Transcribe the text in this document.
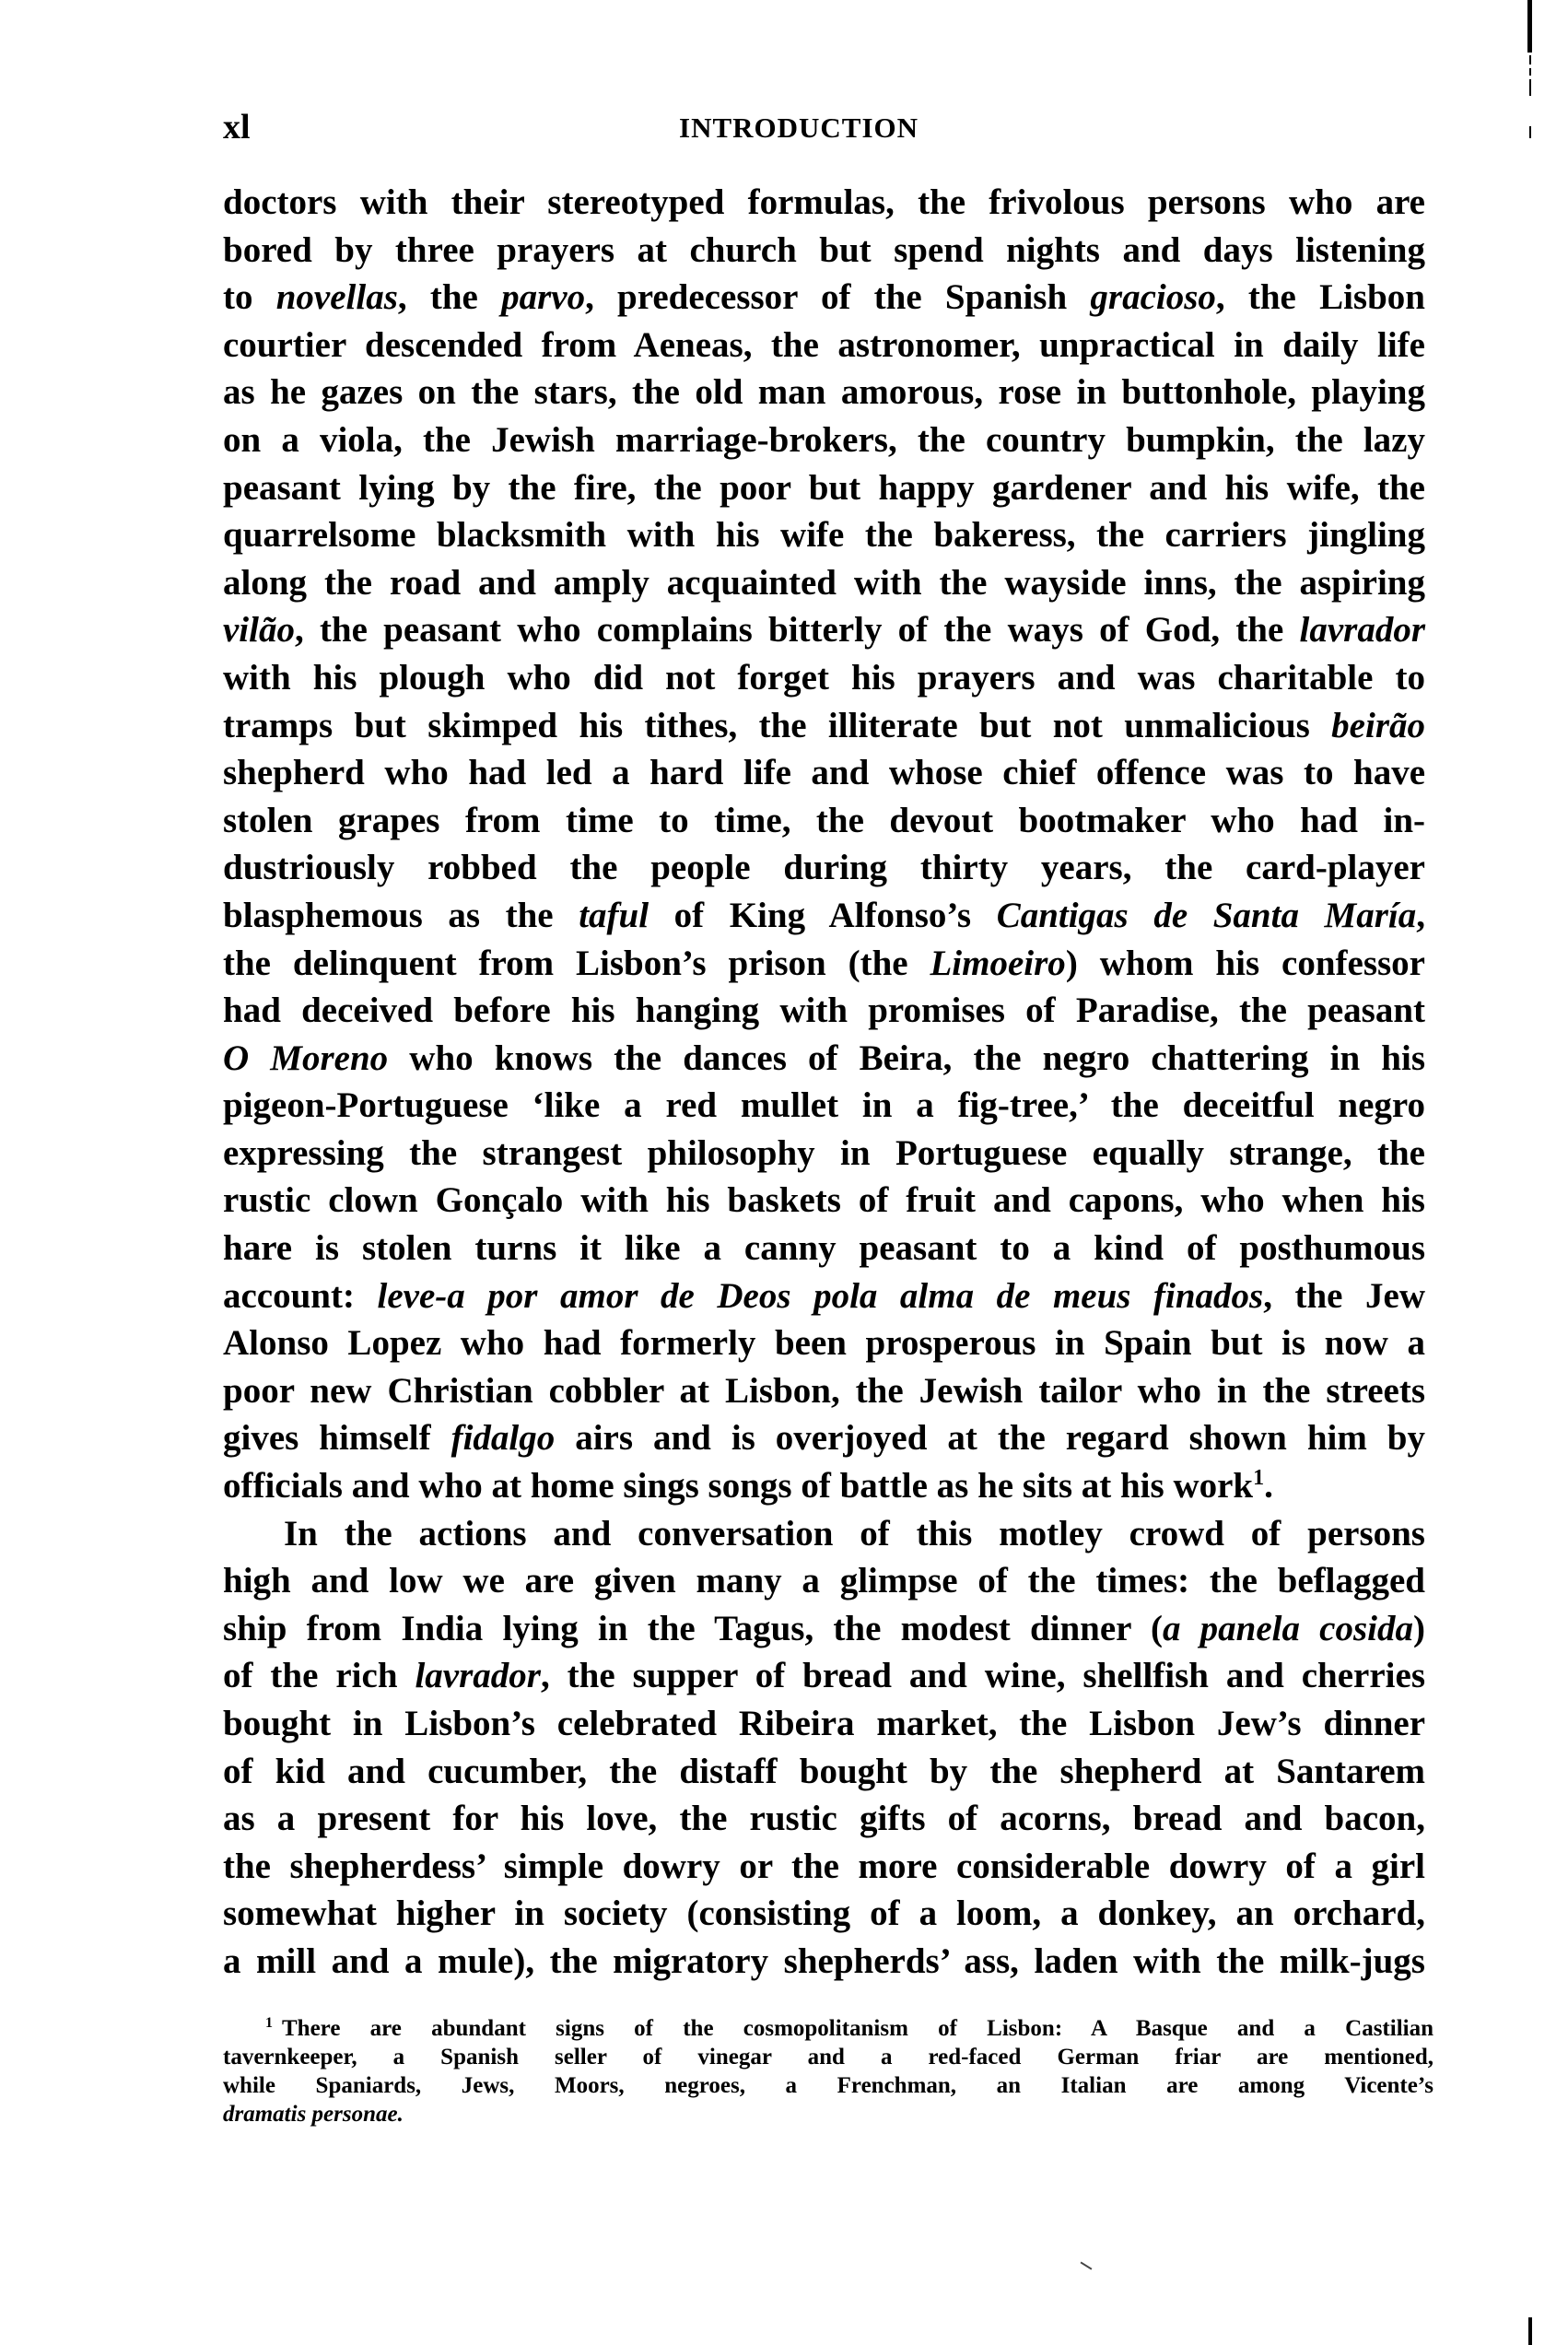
xl	INTRODUCTION
doctors with their stereotyped formulas, the frivolous persons who are
bored by three prayers at church but spend nights and days listening
to novellas, the parvo, predecessor of the Spanish gracioso, the Lisbon
courtier descended from Aeneas, the astronomer, unpractical in daily life
as he gazes on the stars, the old man amorous, rose in buttonhole, playing
on a viola, the Jewish marriage-brokers, the country bumpkin, the lazy
peasant lying by the fire, the poor but happy gardener and his wife, the
quarrelsome blacksmith with his wife the bakeress, the carriers jingling
along the road and amply acquainted with the wayside inns, the aspiring
vilão, the peasant who complains bitterly of the ways of God, the lavrador
with his plough who did not forget his prayers and was charitable to
tramps but skimped his tithes, the illiterate but not unmalicious beirão
shepherd who had led a hard life and whose chief offence was to have
stolen grapes from time to time, the devout bootmaker who had in-
dustriously robbed the people during thirty years, the card-player
blasphemous as the taful of King Alfonso’s Cantigas de Santa María,
the delinquent from Lisbon’s prison (the Limoeiro) whom his confessor
had deceived before his hanging with promises of Paradise, the peasant
O Moreno who knows the dances of Beira, the negro chattering in his
pigeon-Portuguese ‘like a red mullet in a fig-tree,’ the deceitful negro
expressing the strangest philosophy in Portuguese equally strange, the
rustic clown Gonçalo with his baskets of fruit and capons, who when his
hare is stolen turns it like a canny peasant to a kind of posthumous
account: leve-a por amor de Deos pola alma de meus finados, the Jew
Alonso Lopez who had formerly been prosperous in Spain but is now a
poor new Christian cobbler at Lisbon, the Jewish tailor who in the streets
gives himself fidalgo airs and is overjoyed at the regard shown him by
officials and who at home sings songs of battle as he sits at his work$^1$.
In the actions and conversation of this motley crowd of persons
high and low we are given many a glimpse of the times: the beflagged
ship from India lying in the Tagus, the modest dinner (a panela cosida)
of the rich lavrador, the supper of bread and wine, shellfish and cherries
bought in Lisbon’s celebrated Ribeira market, the Lisbon Jew’s dinner
of kid and cucumber, the distaff bought by the shepherd at Santarem
as a present for his love, the rustic gifts of acorns, bread and bacon,
the shepherdess’ simple dowry or the more considerable dowry of a girl
somewhat higher in society (consisting of a loom, a donkey, an orchard,
a mill and a mule), the migratory shepherds’ ass, laden with the milk-jugs
$^1$ There are abundant signs of the cosmopolitanism of Lisbon: A Basque and a Castilian
tavernkeeper, a Spanish seller of vinegar and a red-faced German friar are mentioned,
while Spaniards, Jews, Moors, negroes, a Frenchman, an Italian are among Vicente’s
dramatis personae.
